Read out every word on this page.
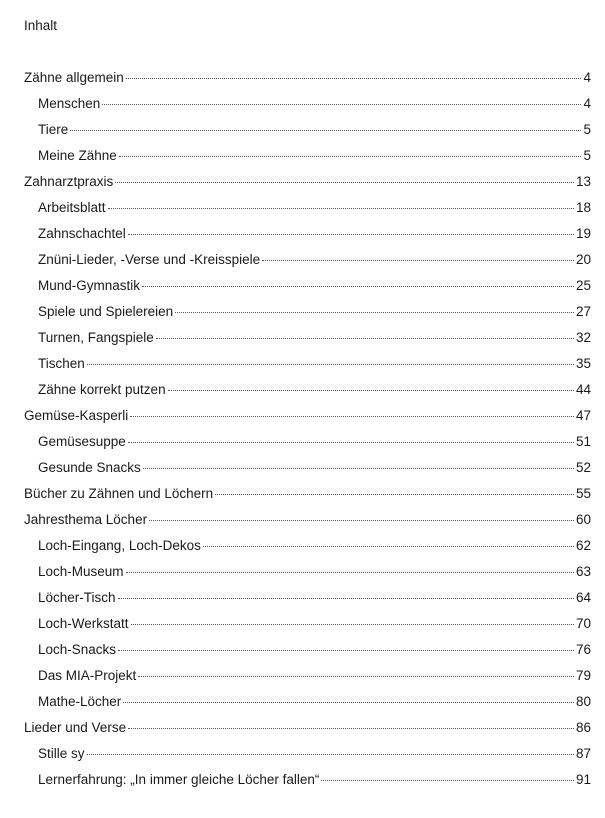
Inhalt
Zähne allgemein	4
Menschen	4
Tiere	5
Meine Zähne	5
Zahnarztpraxis	13
Arbeitsblatt	18
Zahnschachtel	19
Znüni-Lieder, -Verse und -Kreisspiele	20
Mund-Gymnastik	25
Spiele und Spielereien	27
Turnen, Fangspiele	32
Tischen	35
Zähne korrekt putzen	44
Gemüse-Kasperli	47
Gemüsesuppe	51
Gesunde Snacks	52
Bücher zu Zähnen und Löchern	55
Jahresthema Löcher	60
Loch-Eingang, Loch-Dekos	62
Loch-Museum	63
Löcher-Tisch	64
Loch-Werkstatt	70
Loch-Snacks	76
Das MIA-Projekt	79
Mathe-Löcher	80
Lieder und Verse	86
Stille sy	87
Lernerfahrung: „In immer gleiche Löcher fallen“	91
